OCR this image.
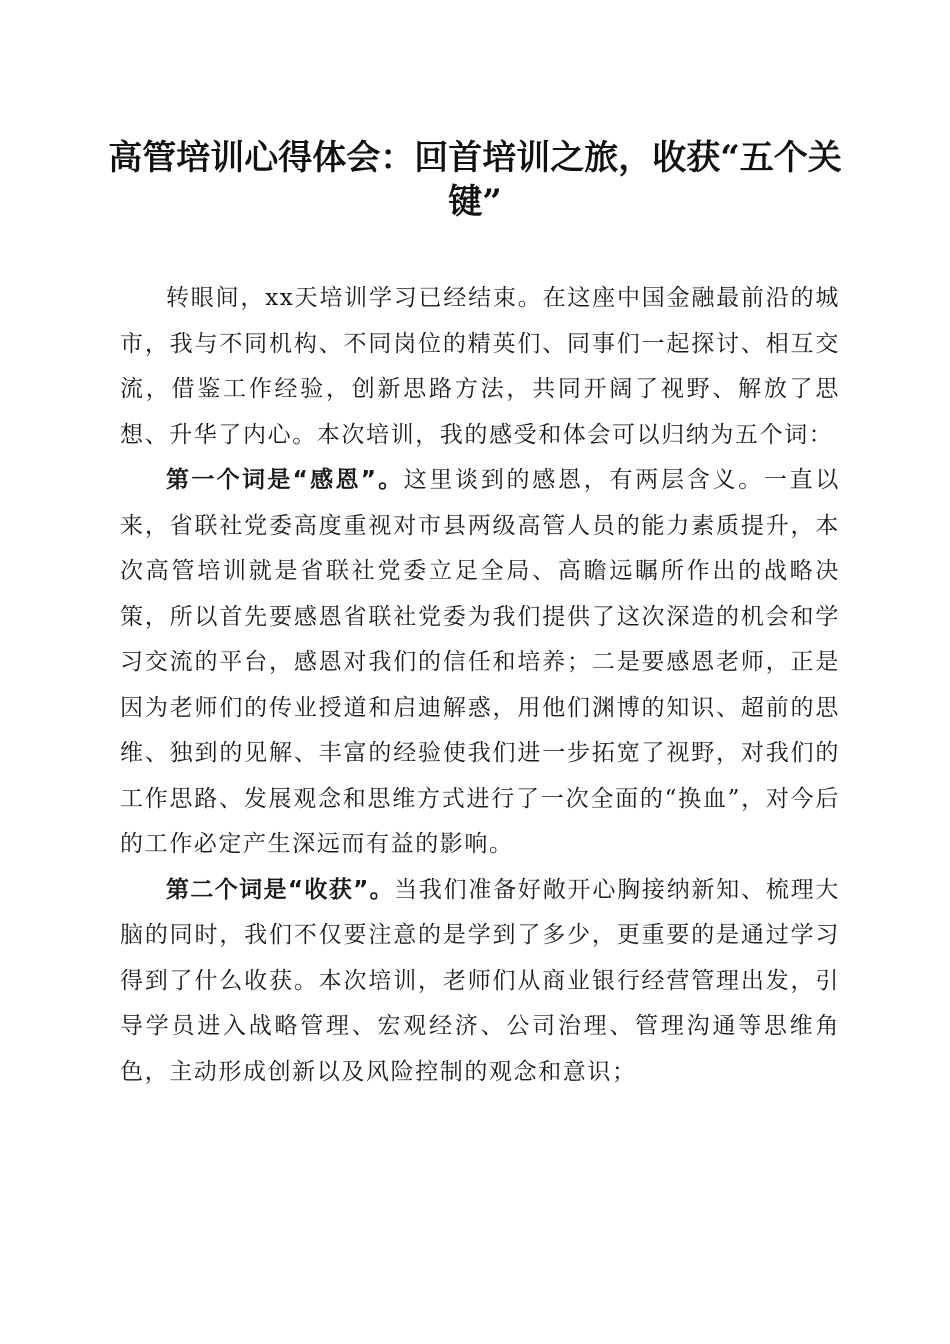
高管培训心得体会：回首培训之旅，收获“五个关键”

转眼间，xx天培训学习已经结束。在这座中国金融最前沿的城市，我与不同机构、不同岗位的精英们、同事们一起探讨、相互交流，借鉴工作经验，创新思路方法，共同开阔了视野、解放了思想、升华了内心。本次培训，我的感受和体会可以归纳为五个词：

第一个词是“感恩”。这里谈到的感恩，有两层含义。一直以来，省联社党委高度重视对市县两级高管人员的能力素质提升，本次高管培训就是省联社党委立足全局、高瞻远瞩所作出的战略决策，所以首先要感恩省联社党委为我们提供了这次深造的机会和学习交流的平台，感恩对我们的信任和培养；二是要感恩老师，正是因为老师们的传业授道和启迪解惑，用他们渊博的知识、超前的思维、独到的见解、丰富的经验使我们进一步拓宽了视野，对我们的工作思路、发展观念和思维方式进行了一次全面的“换血”，对今后的工作必定产生深远而有益的影响。

第二个词是“收获”。当我们准备好敞开心胸接纳新知、梳理大脑的同时，我们不仅要注意的是学到了多少，更重要的是通过学习得到了什么收获。本次培训，老师们从商业银行经营管理出发，引导学员进入战略管理、宏观经济、公司治理、管理沟通等思维角色，主动形成创新以及风险控制的观念和意识；
